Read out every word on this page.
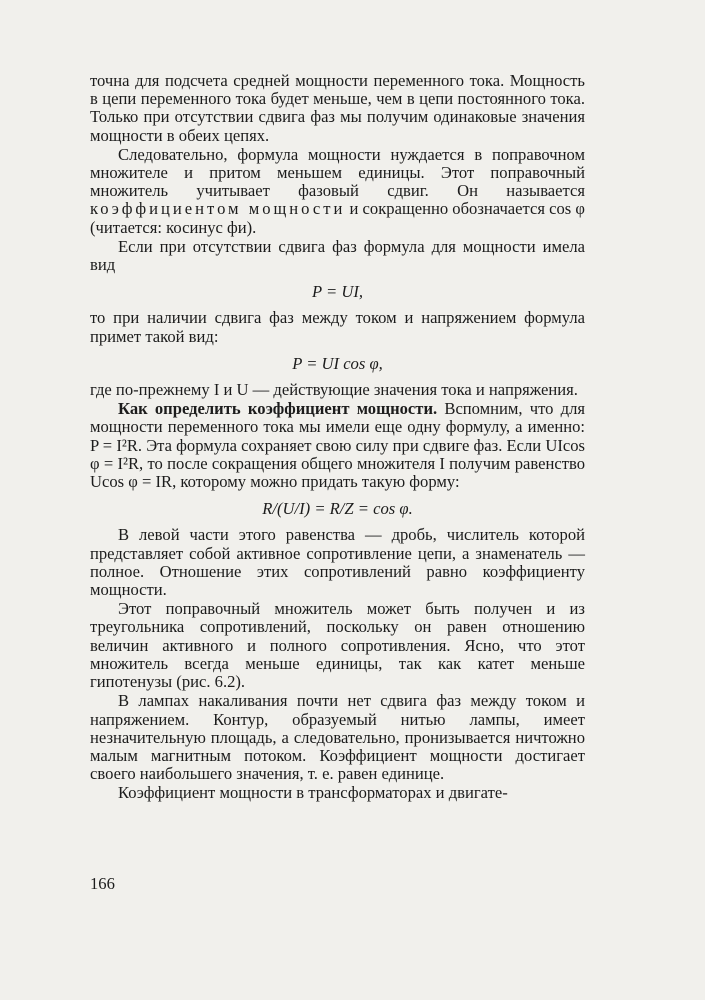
точна для подсчета средней мощности переменного тока. Мощность в цепи переменного тока будет меньше, чем в цепи постоянного тока. Только при отсутствии сдвига фаз мы получим одинаковые значения мощности в обеих цепях.

Следовательно, формула мощности нуждается в поправочном множителе и притом меньшем единицы. Этот поправочный множитель учитывает фазовый сдвиг. Он называется коэффициентом мощности и сокращенно обозначается cos φ (читается: косинус фи).

Если при отсутствии сдвига фаз формула для мощности имела вид

P = UI,

то при наличии сдвига фаз между током и напряжением формула примет такой вид:

P = UI cos φ,

где по-прежнему I и U — действующие значения тока и напряжения.

Как определить коэффициент мощности. Вспомним, что для мощности переменного тока мы имели еще одну формулу, а именно: P = I²R. Эта формула сохраняет свою силу при сдвиге фаз. Если UIcos φ = I²R, то после сокращения общего множителя I получим равенство Ucos φ = IR, которому можно придать такую форму:

R/(U/I) = R/Z = cos φ.

В левой части этого равенства — дробь, числитель которой представляет собой активное сопротивление цепи, а знаменатель — полное. Отношение этих сопротивлений равно коэффициенту мощности.

Этот поправочный множитель может быть получен и из треугольника сопротивлений, поскольку он равен отношению величин активного и полного сопротивления. Ясно, что этот множитель всегда меньше единицы, так как катет меньше гипотенузы (рис. 6.2).

В лампах накаливания почти нет сдвига фаз между током и напряжением. Контур, образуемый нитью лампы, имеет незначительную площадь, а следовательно, пронизывается ничтожно малым магнитным потоком. Коэффициент мощности достигает своего наибольшего значения, т. е. равен единице.

Коэффициент мощности в трансформаторах и двигате-

166
